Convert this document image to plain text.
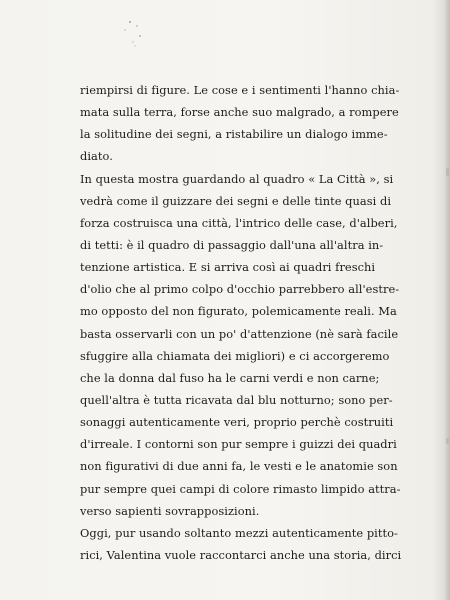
riempirsi di figure. Le cose e i sentimenti l'hanno chia-
mata sulla terra, forse anche suo malgrado, a rompere
la solitudine dei segni, a ristabilire un dialogo imme-
diato.
In questa mostra guardando al quadro « La Città », si
vedrà come il guizzare dei segni e delle tinte quasi di
forza costruisca una città, l'intrico delle case, d'alberi,
di tetti: è il quadro di passaggio dall'una all'altra in-
tenzione artistica. E si arriva così ai quadri freschi
d'olio che al primo colpo d'occhio parrebbero all'estre-
mo opposto del non figurato, polemicamente reali. Ma
basta osservarli con un po' d'attenzione (nè sarà facile
sfuggire alla chiamata dei migliori) e ci accorgeremo
che la donna dal fuso ha le carni verdi e non carne;
quell'altra è tutta ricavata dal blu notturno; sono per-
sonaggi autenticamente veri, proprio perchè costruiti
d'irreale. I contorni son pur sempre i guizzi dei quadri
non figurativi di due anni fa, le vesti e le anatomie son
pur sempre quei campi di colore rimasto limpido attra-
verso sapienti sovrapposizioni.
Oggi, pur usando soltanto mezzi autenticamente pitto-
rici, Valentina vuole raccontarci anche una storia, dirci
